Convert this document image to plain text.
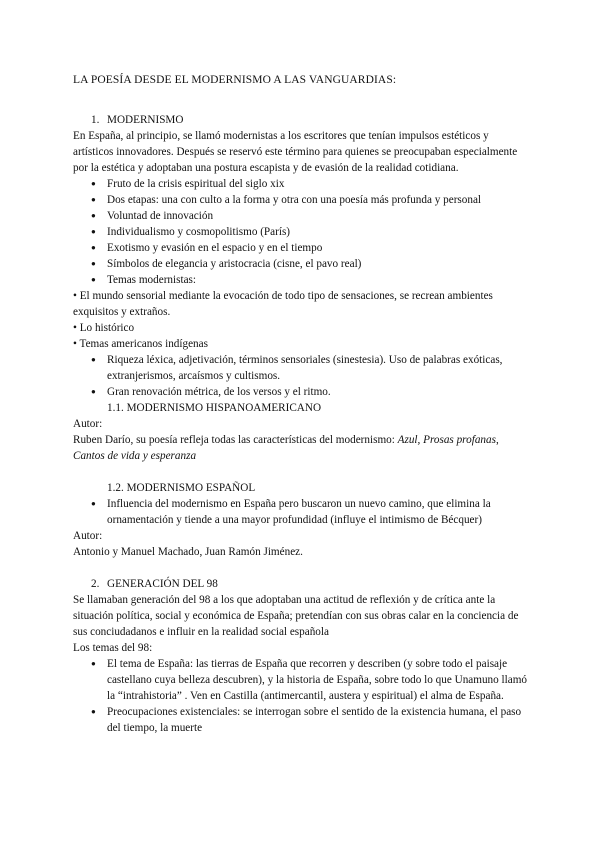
LA POESÍA DESDE EL MODERNISMO A LAS VANGUARDIAS:

1. MODERNISMO

En España, al principio, se llamó modernistas a los escritores que tenían impulsos estéticos y artísticos innovadores. Después se reservó este término para quienes se preocupaban especialmente por la estética y adoptaban una postura escapista y de evasión de la realidad cotidiana.

● Fruto de la crisis espiritual del siglo xix
● Dos etapas: una con culto a la forma y otra con una poesía más profunda y personal
● Voluntad de innovación
● Individualismo y cosmopolitismo (París)
● Exotismo y evasión en el espacio y en el tiempo
● Símbolos de elegancia y aristocracia (cisne, el pavo real)
● Temas modernistas:

• El mundo sensorial mediante la evocación de todo tipo de sensaciones, se recrean ambientes exquisitos y extraños.

• Lo histórico

• Temas americanos indígenas

● Riqueza léxica, adjetivación, términos sensoriales (sinestesia). Uso de palabras exóticas, extranjerismos, arcaísmos y cultismos.
● Gran renovación métrica, de los versos y el ritmo.

1.1. MODERNISMO HISPANOAMERICANO

Autor:

Ruben Darío, su poesía refleja todas las características del modernismo: Azul, Prosas profanas, Cantos de vida y esperanza

1.2. MODERNISMO ESPAÑOL

● Influencia del modernismo en España pero buscaron un nuevo camino, que elimina la ornamentación y tiende a una mayor profundidad (influye el intimismo de Bécquer)

Autor:

Antonio y Manuel Machado, Juan Ramón Jiménez.

2. GENERACIÓN DEL 98

Se llamaban generación del 98 a los que adoptaban una actitud de reflexión y de crítica ante la situación política, social y económica de España; pretendían con sus obras calar en la conciencia de sus conciudadanos e influir en la realidad social española

Los temas del 98:

● El tema de España: las tierras de España que recorren y describen (y sobre todo el paisaje castellano cuya belleza descubren), y la historia de España, sobre todo lo que Unamuno llamó la “intrahistoria” . Ven en Castilla (antimercantil, austera y espiritual) el alma de España.
● Preocupaciones existenciales: se interrogan sobre el sentido de la existencia humana, el paso del tiempo, la muerte
